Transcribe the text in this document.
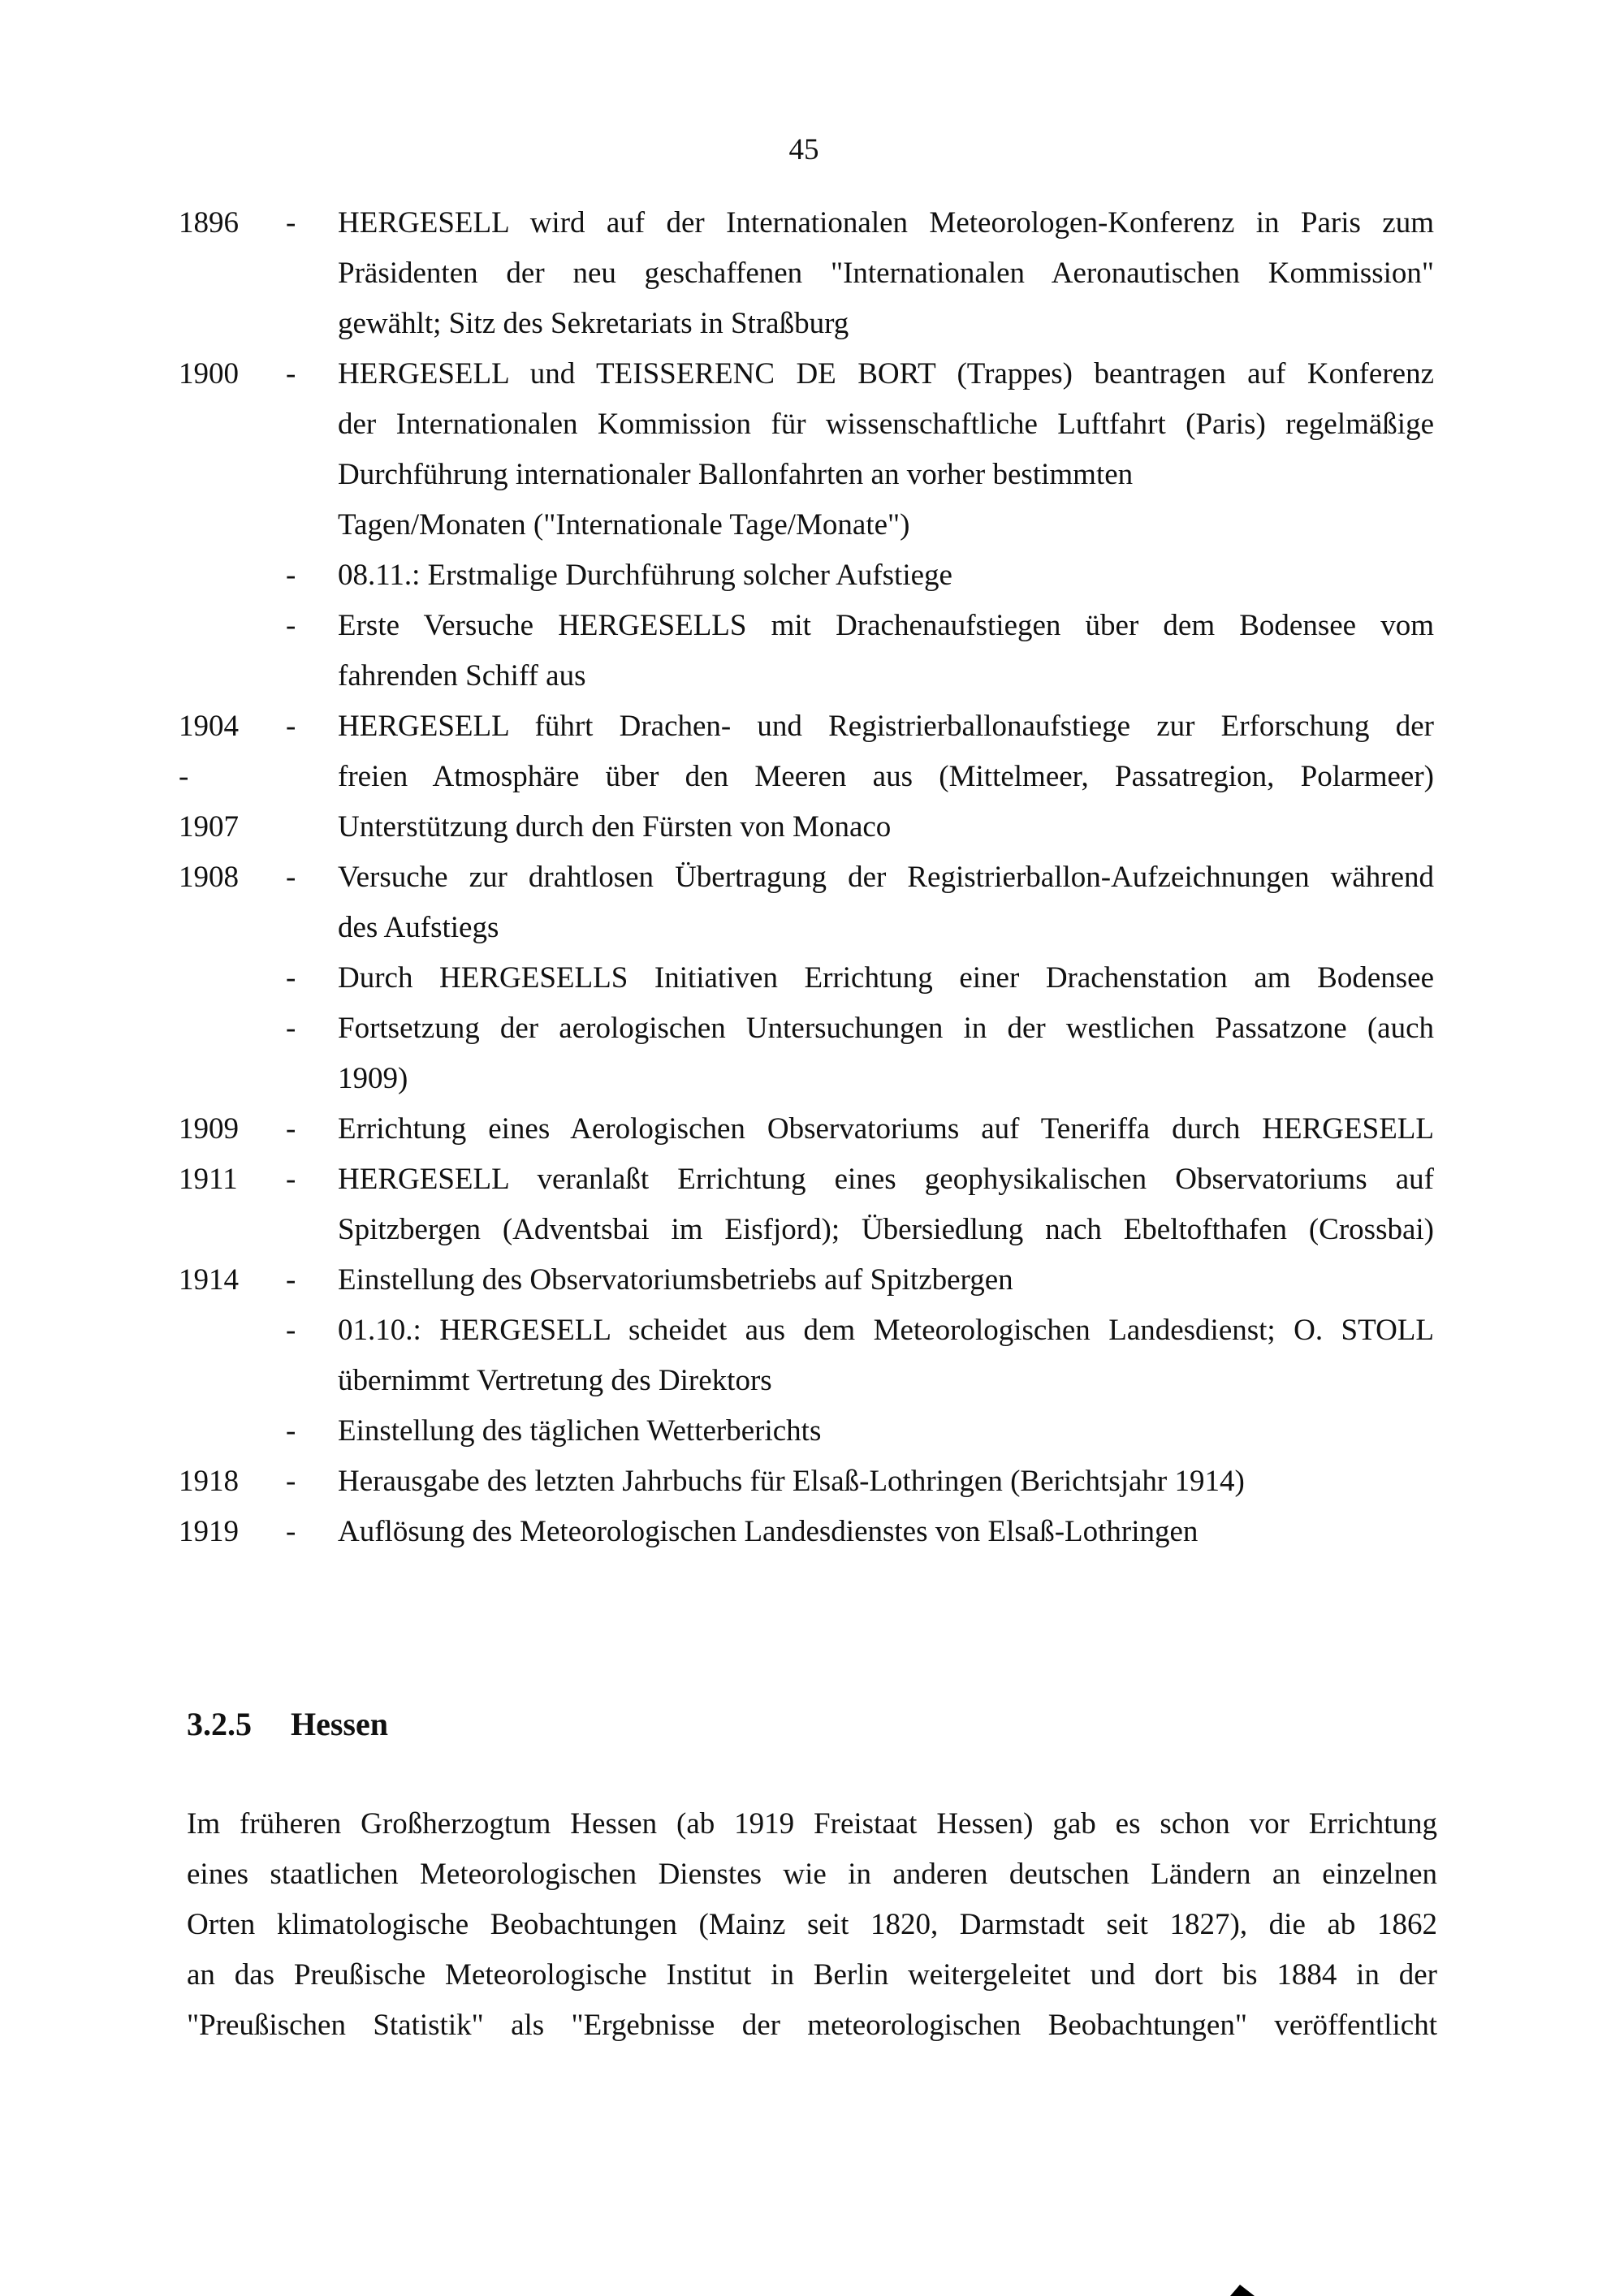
45
1896	- HERGESELL wird auf der Internationalen Meteorologen-Konferenz in Paris zum
Präsidenten der neu geschaffenen "Internationalen Aeronautischen Kommission"
gewählt; Sitz des Sekretariats in Straßburg
1900	- HERGESELL und TEISSERENC DE BORT (Trappes) beantragen auf Konferenz
der Internationalen Kommission für wissenschaftliche Luftfahrt (Paris) regelmäßige
Durchführung internationaler Ballonfahrten an vorher bestimmten
Tagen/Monaten ("Internationale Tage/Monate")
- 08.11.: Erstmalige Durchführung solcher Aufstiege
- Erste Versuche HERGESELLS mit Drachenaufstiegen über dem Bodensee vom
fahrenden Schiff aus
1904	- HERGESELL führt Drachen- und Registrierballonaufstiege zur Erforschung der
-	freien Atmosphäre über den Meeren aus (Mittelmeer, Passatregion, Polarmeer)
1907	Unterstützung durch den Fürsten von Monaco
1908	- Versuche zur drahtlosen Übertragung der Registrierballon-Aufzeichnungen während
des Aufstiegs
- Durch HERGESELLS Initiativen Errichtung einer Drachenstation am Bodensee
- Fortsetzung der aerologischen Untersuchungen in der westlichen Passatzone (auch
1909)
1909	- Errichtung eines Aerologischen Observatoriums auf Teneriffa durch HERGESELL
1911	- HERGESELL veranlaßt Errichtung eines geophysikalischen Observatoriums auf
Spitzbergen (Adventsbai im Eisfjord); Übersiedlung nach Ebeltofthafen (Crossbai)
1914	- Einstellung des Observatoriumsbetriebs auf Spitzbergen
- 01.10.: HERGESELL scheidet aus dem Meteorologischen Landesdienst; O. STOLL
übernimmt Vertretung des Direktors
- Einstellung des täglichen Wetterberichts
1918	- Herausgabe des letzten Jahrbuchs für Elsaß-Lothringen (Berichtsjahr 1914)
1919	- Auflösung des Meteorologischen Landesdienstes von Elsaß-Lothringen
3.2.5 Hessen
Im früheren Großherzogtum Hessen (ab 1919 Freistaat Hessen) gab es schon vor Errichtung
eines staatlichen Meteorologischen Dienstes wie in anderen deutschen Ländern an einzelnen
Orten klimatologische Beobachtungen (Mainz seit 1820, Darmstadt seit 1827), die ab 1862
an das Preußische Meteorologische Institut in Berlin weitergeleitet und dort bis 1884 in der
"Preußischen Statistik" als "Ergebnisse der meteorologischen Beobachtungen" veröffentlicht
